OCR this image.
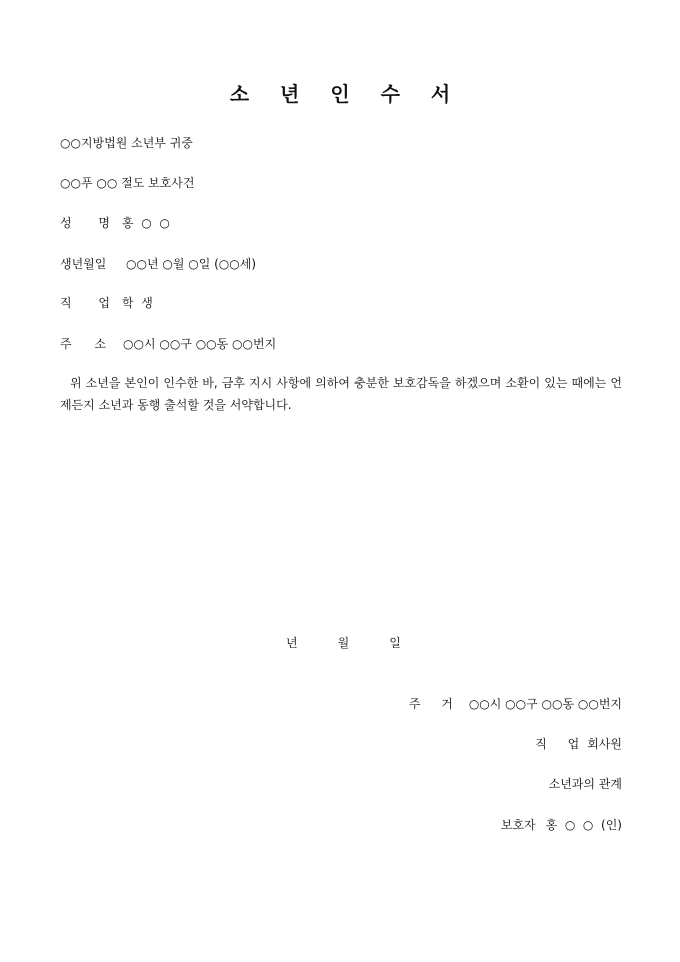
소 년 인 수 서
○○지방법원 소년부 귀중
○○푸 ○○ 절도 보호사건
성 명 홍  ○  ○
생년월일	○○년 ○월 ○일 (○○세)
직 업 학  생
주 소 ○○시 ○○구 ○○동 ○○번지
위 소년을 본인이 인수한 바, 금후 지시 사항에 의하여 충분한 보호감독을 하겠으며 소환이 있는 때에는 언제든지 소년과 동행 출석할 것을 서약합니다.
년	월	일
주 거 ○○시 ○○구 ○○동 ○○번지
직 업 회사원
소년과의 관계
보호자 홍  ○  ○  (인)
